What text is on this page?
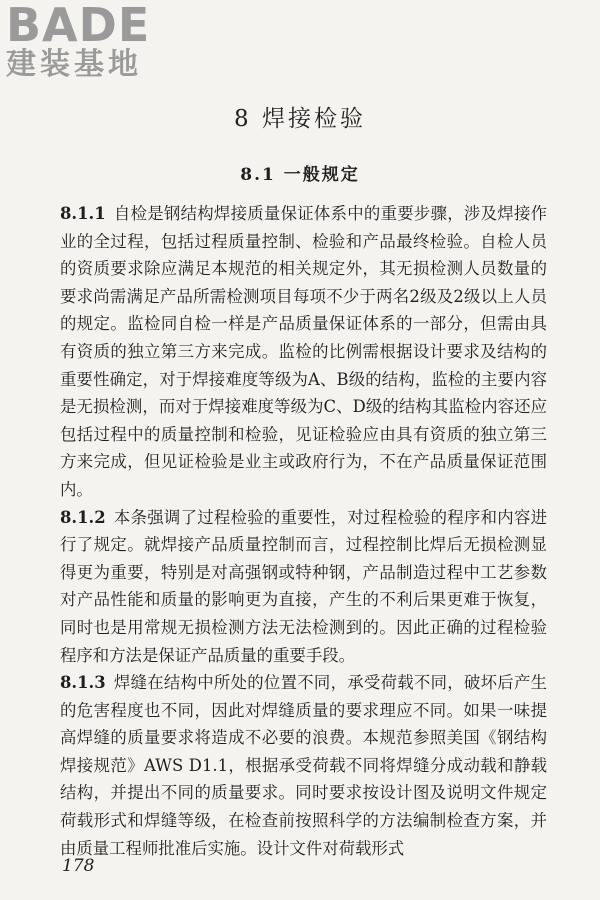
BADE
建装基地
8 焊接检验
8.1 一般规定

8.1.1 自检是钢结构焊接质量保证体系中的重要步骤，涉及焊接作业的全过程，包括过程质量控制、检验和产品最终检验。自检人员的资质要求除应满足本规范的相关规定外，其无损检测人员数量的要求尚需满足产品所需检测项目每项不少于两名2级及2级以上人员的规定。监检同自检一样是产品质量保证体系的一部分，但需由具有资质的独立第三方来完成。监检的比例需根据设计要求及结构的重要性确定，对于焊接难度等级为A、B级的结构，监检的主要内容是无损检测，而对于焊接难度等级为C、D级的结构其监检内容还应包括过程中的质量控制和检验，见证检验应由具有资质的独立第三方来完成，但见证检验是业主或政府行为，不在产品质量保证范围内。

8.1.2 本条强调了过程检验的重要性，对过程检验的程序和内容进行了规定。就焊接产品质量控制而言，过程控制比焊后无损检测显得更为重要，特别是对高强钢或特种钢，产品制造过程中工艺参数对产品性能和质量的影响更为直接，产生的不利后果更难于恢复，同时也是用常规无损检测方法无法检测到的。因此正确的过程检验程序和方法是保证产品质量的重要手段。

8.1.3 焊缝在结构中所处的位置不同，承受荷载不同，破坏后产生的危害程度也不同，因此对焊缝质量的要求理应不同。如果一味提高焊缝的质量要求将造成不必要的浪费。本规范参照美国《钢结构焊接规范》AWS D1.1，根据承受荷载不同将焊缝分成动载和静载结构，并提出不同的质量要求。同时要求按设计图及说明文件规定荷载形式和焊缝等级，在检查前按照科学的方法编制检查方案，并由质量工程师批准后实施。设计文件对荷载形式

178
